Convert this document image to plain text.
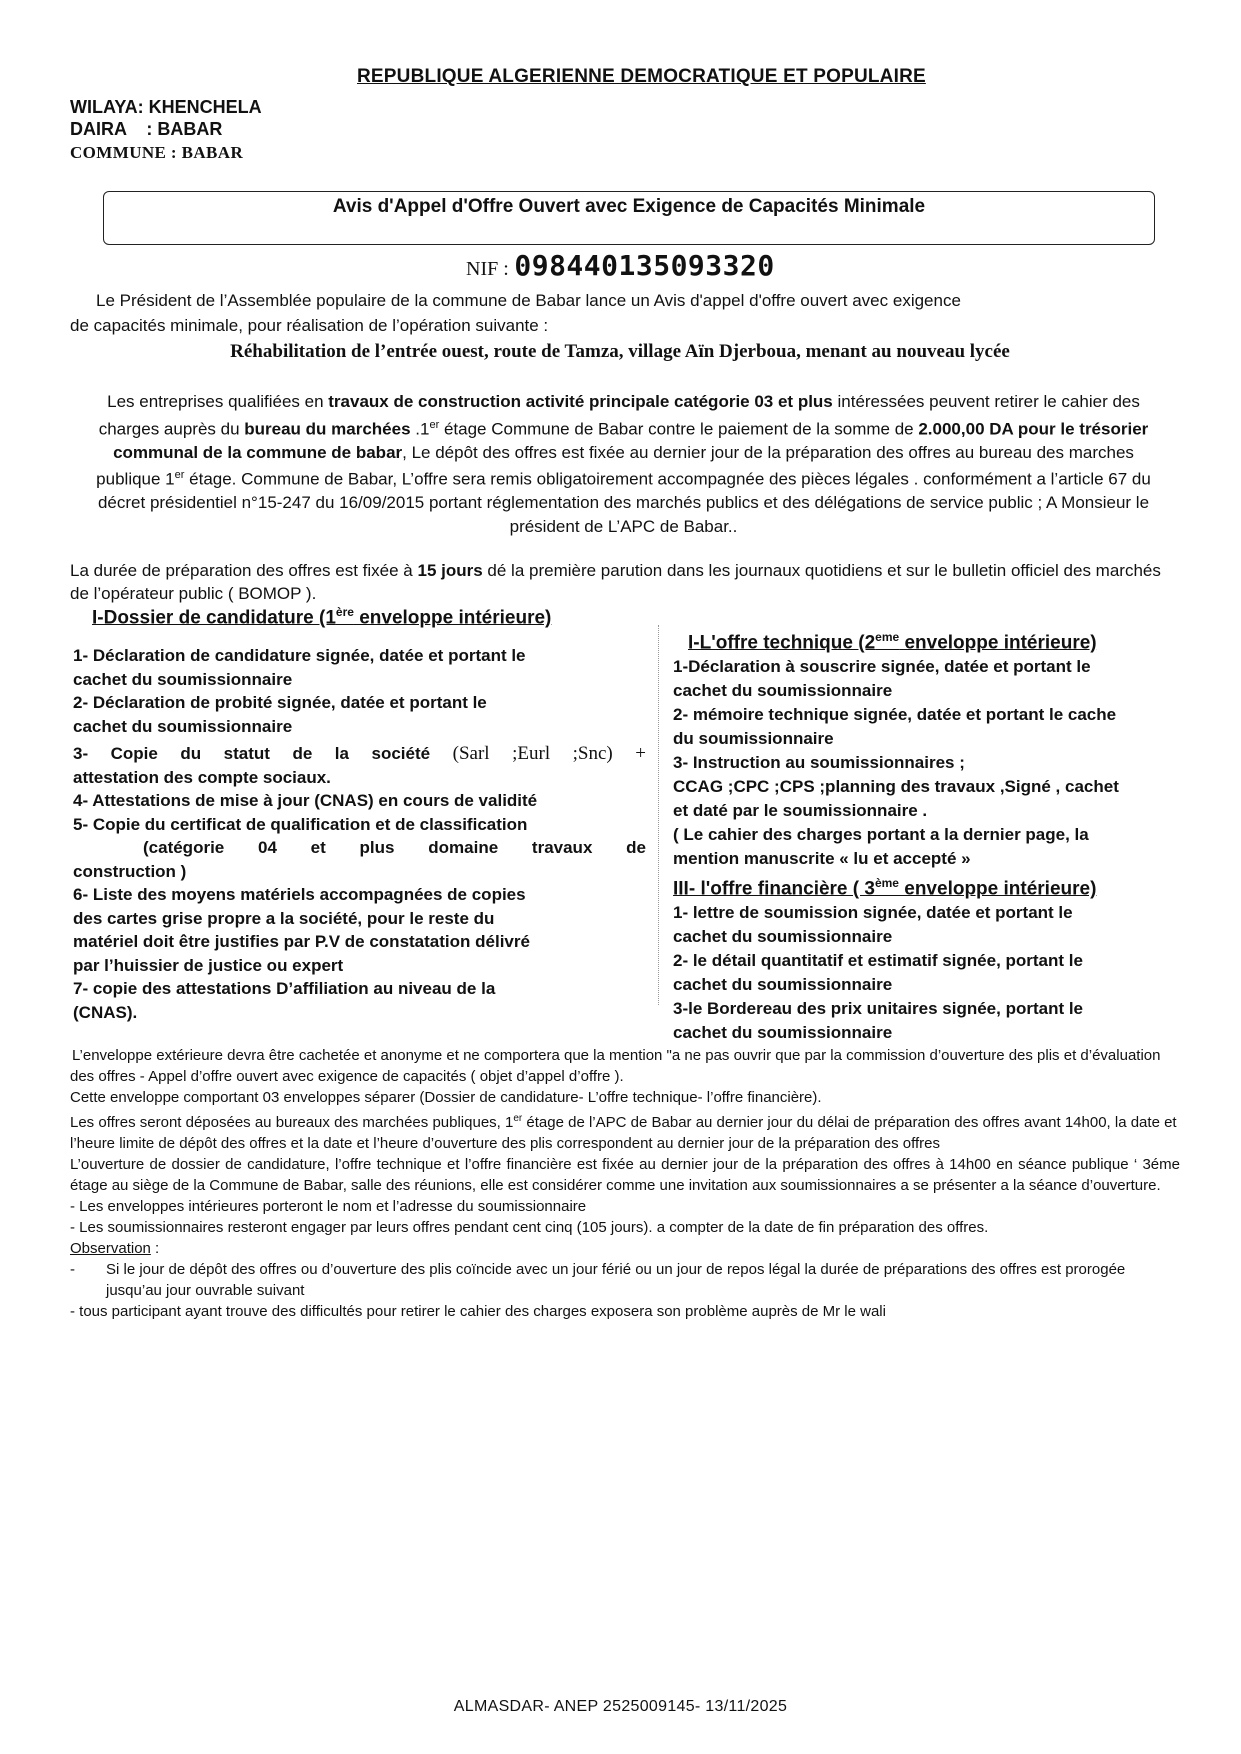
REPUBLIQUE ALGERIENNE DEMOCRATIQUE ET POPULAIRE
WILAYA: KHENCHELA
DAIRA    : BABAR
COMMUNE : BABAR
Avis d'Appel d'Offre Ouvert avec Exigence de Capacités Minimale
NIF : 098440135093320

Le Président de l’Assemblée populaire de la commune de Babar lance un Avis d'appel d'offre ouvert avec exigence

de capacités minimale, pour réalisation de l’opération suivante :

Réhabilitation de l’entrée ouest, route de Tamza, village Aïn Djerboua, menant au nouveau lycée
Les entreprises qualifiées en travaux de construction activité principale catégorie 03 et plus intéressées peuvent retirer le cahier des charges auprès du bureau du marchées .1er étage Commune de Babar contre le paiement de la somme de 2.000,00 DA pour le trésorier communal de la commune de babar, Le dépôt des offres est fixée au dernier jour de la préparation des offres au bureau des marches publique 1er étage. Commune de Babar, L’offre sera remis obligatoirement accompagnée des pièces légales . conformément a l’article 67 du décret présidentiel n°15-247 du 16/09/2015 portant réglementation des marchés publics et des délégations de service public ; A Monsieur le président de L’APC de Babar..
La durée de préparation des offres est fixée à 15 jours dé la première parution dans les journaux quotidiens et sur le bulletin officiel des marchés de l’opérateur public ( BOMOP ).
I-Dossier de candidature (1ère enveloppe intérieure)

1- Déclaration de candidature signée, datée et portant le

cachet du soumissionnaire

2- Déclaration de probité signée, datée et portant le

cachet du soumissionnaire

3- Copie du statut de la société (Sarl ;Eurl ;Snc) +

attestation des compte sociaux.

4- Attestations de mise à jour (CNAS) en cours de validité

5- Copie du certificat de qualification et de classification

(catégorie 04 et plus domaine travaux de

construction )

6- Liste des moyens matériels accompagnées de copies

des cartes grise propre a la société, pour le reste du

matériel doit être justifies par P.V de constatation délivré

par l’huissier de justice ou expert

7- copie des attestations D’affiliation au niveau de la

(CNAS).

I-L'offre technique (2eme enveloppe intérieure)

1-Déclaration à souscrire signée, datée et portant le

cachet du soumissionnaire

2- mémoire technique signée, datée et portant le cache

du soumissionnaire

3- Instruction au soumissionnaires ;

CCAG ;CPC ;CPS ;planning des travaux ,Signé , cachet

et daté par le soumissionnaire .

( Le cahier des charges portant a la dernier page, la

mention manuscrite « lu et accepté »

III- l'offre financière ( 3ème enveloppe intérieure)

1- lettre de soumission signée, datée et portant le

cachet du soumissionnaire

2- le détail quantitatif et estimatif signée, portant le

cachet du soumissionnaire

3-le Bordereau des prix unitaires signée, portant le

cachet du soumissionnaire

L’enveloppe extérieure devra être cachetée et anonyme et ne comportera que la mention "a ne pas ouvrir que par la commission d’ouverture des plis et d’évaluation des offres - Appel d’offre ouvert avec exigence de capacités ( objet d’appel d’offre ).

Cette enveloppe comportant 03 enveloppes séparer (Dossier de candidature- L’offre technique- l’offre financière).

Les offres seront déposées au bureaux des marchées publiques, 1er étage de l’APC de Babar au dernier jour du délai de préparation des offres avant 14h00, la date et l’heure limite de dépôt des offres et la date et l’heure d’ouverture des plis correspondent au dernier jour de la préparation des offres

L’ouverture de dossier de candidature, l’offre technique et l’offre financière est fixée au dernier jour de la préparation des offres à 14h00 en séance publique ‘ 3éme étage au siège de la Commune de Babar, salle des réunions, elle est considérer comme une invitation aux soumissionnaires a se présenter a la séance d’ouverture.

- Les enveloppes intérieures porteront le nom et l’adresse du soumissionnaire

- Les soumissionnaires resteront engager par leurs offres pendant cent cinq (105 jours). a compter de la date de fin préparation des offres.

Observation :

-	Si le jour de dépôt des offres ou d’ouverture des plis coïncide avec un jour férié ou un jour de repos légal la durée de préparations des offres est prorogée jusqu’au jour ouvrable suivant

- tous participant ayant trouve des difficultés pour retirer le cahier des charges exposera son problème auprès de Mr le wali

ALMASDAR- ANEP 2525009145- 13/11/2025
